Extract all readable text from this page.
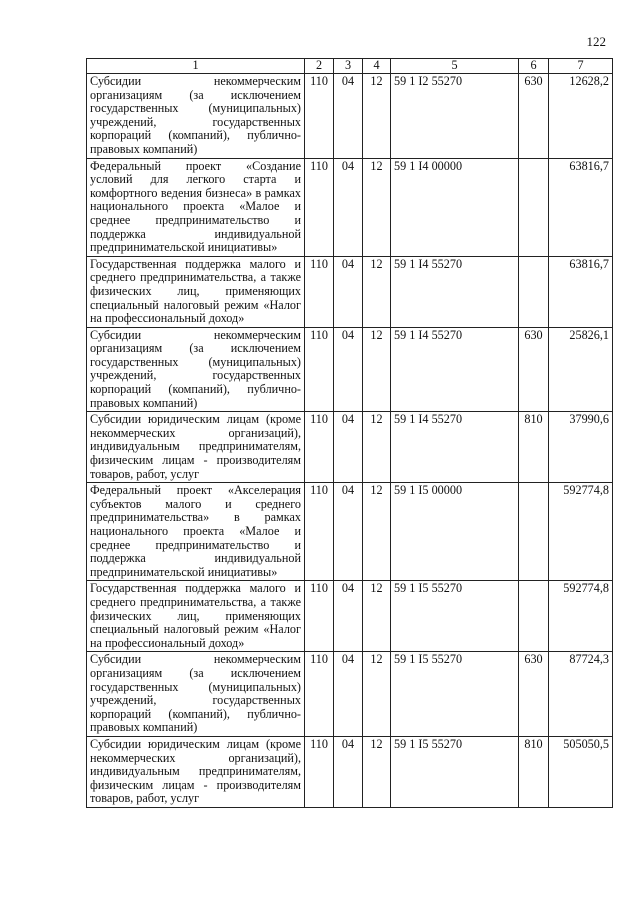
122
1	2	3	4	5	6	7
Субсидии некоммерческим организациям (за исключением государственных (муниципальных) учреждений, государственных корпораций (компаний), публично-правовых компаний)	110	04	12	59 1 I2 55270	630	12628,2
Федеральный проект «Создание условий для легкого старта и комфортного ведения бизнеса» в рамках национального проекта «Малое и среднее предпринимательство и поддержка индивидуальной предпринимательской инициативы»	110	04	12	59 1 I4 00000		63816,7
Государственная поддержка малого и среднего предпринимательства, а также физических лиц, применяющих специальный налоговый режим «Налог на профессиональный доход»	110	04	12	59 1 I4 55270		63816,7
Субсидии некоммерческим организациям (за исключением государственных (муниципальных) учреждений, государственных корпораций (компаний), публично-правовых компаний)	110	04	12	59 1 I4 55270	630	25826,1
Субсидии юридическим лицам (кроме некоммерческих организаций), индивидуальным предпринимателям, физическим лицам - производителям товаров, работ, услуг	110	04	12	59 1 I4 55270	810	37990,6
Федеральный проект «Акселерация субъектов малого и среднего предпринимательства» в рамках национального проекта «Малое и среднее предпринимательство и поддержка индивидуальной предпринимательской инициативы»	110	04	12	59 1 I5 00000		592774,8
Государственная поддержка малого и среднего предпринимательства, а также физических лиц, применяющих специальный налоговый режим «Налог на профессиональный доход»	110	04	12	59 1 I5 55270		592774,8
Субсидии некоммерческим организациям (за исключением государственных (муниципальных) учреждений, государственных корпораций (компаний), публично-правовых компаний)	110	04	12	59 1 I5 55270	630	87724,3
Субсидии юридическим лицам (кроме некоммерческих организаций), индивидуальным предпринимателям, физическим лицам - производителям товаров, работ, услуг	110	04	12	59 1 I5 55270	810	505050,5
